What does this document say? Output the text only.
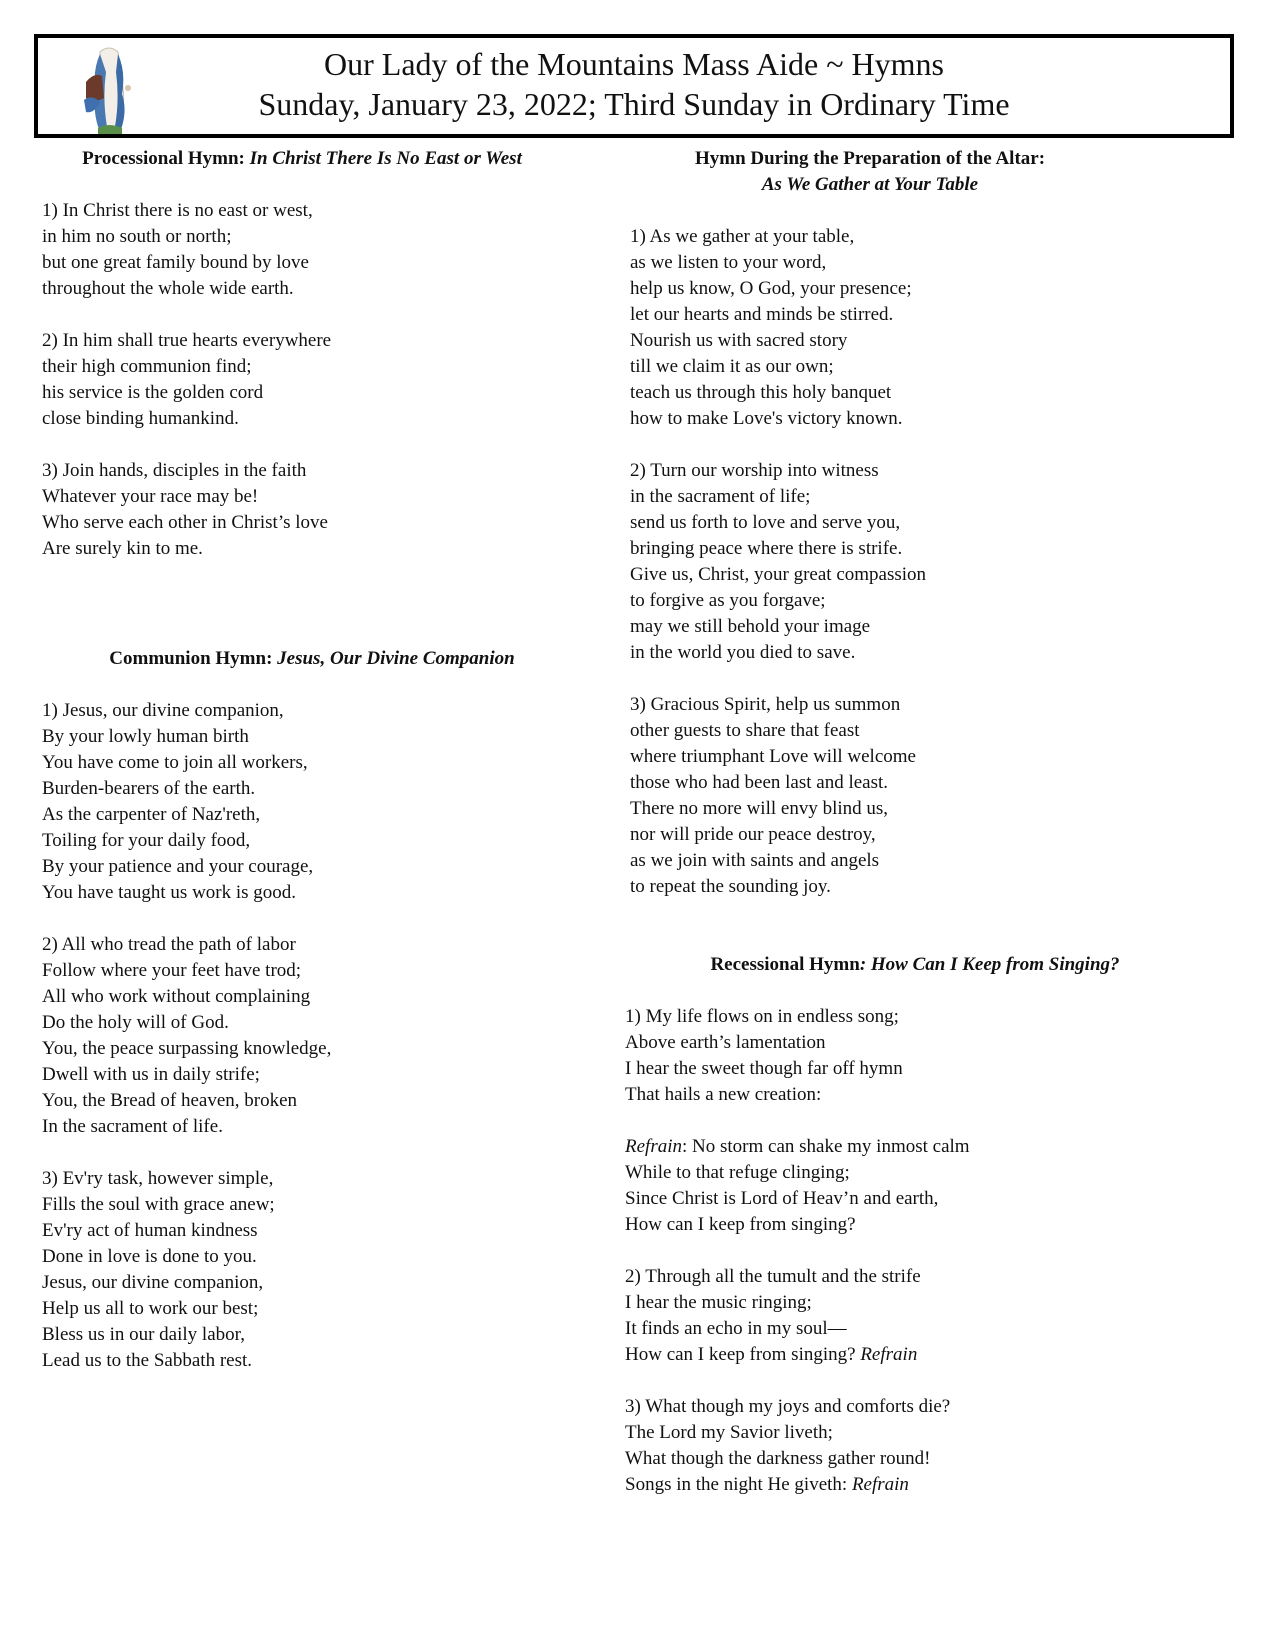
Our Lady of the Mountains Mass Aide ~ Hymns
Sunday, January 23, 2022; Third Sunday in Ordinary Time
Processional Hymn: In Christ There Is No East or West
1) In Christ there is no east or west,
in him no south or north;
but one great family bound by love
throughout the whole wide earth.
2) In him shall true hearts everywhere
their high communion find;
his service is the golden cord
close binding humankind.
3) Join hands, disciples in the faith
Whatever your race may be!
Who serve each other in Christ’s love
Are surely kin to me.
Communion Hymn: Jesus, Our Divine Companion
1) Jesus, our divine companion,
By your lowly human birth
You have come to join all workers,
Burden-bearers of the earth.
As the carpenter of Naz'reth,
Toiling for your daily food,
By your patience and your courage,
You have taught us work is good.
2) All who tread the path of labor
Follow where your feet have trod;
All who work without complaining
Do the holy will of God.
You, the peace surpassing knowledge,
Dwell with us in daily strife;
You, the Bread of heaven, broken
In the sacrament of life.
3) Ev'ry task, however simple,
Fills the soul with grace anew;
Ev'ry act of human kindness
Done in love is done to you.
Jesus, our divine companion,
Help us all to work our best;
Bless us in our daily labor,
Lead us to the Sabbath rest.
Hymn During the Preparation of the Altar:
As We Gather at Your Table
1) As we gather at your table,
as we listen to your word,
help us know, O God, your presence;
let our hearts and minds be stirred.
Nourish us with sacred story
till we claim it as our own;
teach us through this holy banquet
how to make Love's victory known.
2) Turn our worship into witness
in the sacrament of life;
send us forth to love and serve you,
bringing peace where there is strife.
Give us, Christ, your great compassion
to forgive as you forgave;
may we still behold your image
in the world you died to save.
3) Gracious Spirit, help us summon
other guests to share that feast
where triumphant Love will welcome
those who had been last and least.
There no more will envy blind us,
nor will pride our peace destroy,
as we join with saints and angels
to repeat the sounding joy.
Recessional Hymn: How Can I Keep from Singing?
1) My life flows on in endless song;
Above earth’s lamentation
I hear the sweet though far off hymn
That hails a new creation:
Refrain: No storm can shake my inmost calm
While to that refuge clinging;
Since Christ is Lord of Heav’n and earth,
How can I keep from singing?
2) Through all the tumult and the strife
I hear the music ringing;
It finds an echo in my soul—
How can I keep from singing? Refrain
3) What though my joys and comforts die?
The Lord my Savior liveth;
What though the darkness gather round!
Songs in the night He giveth: Refrain
